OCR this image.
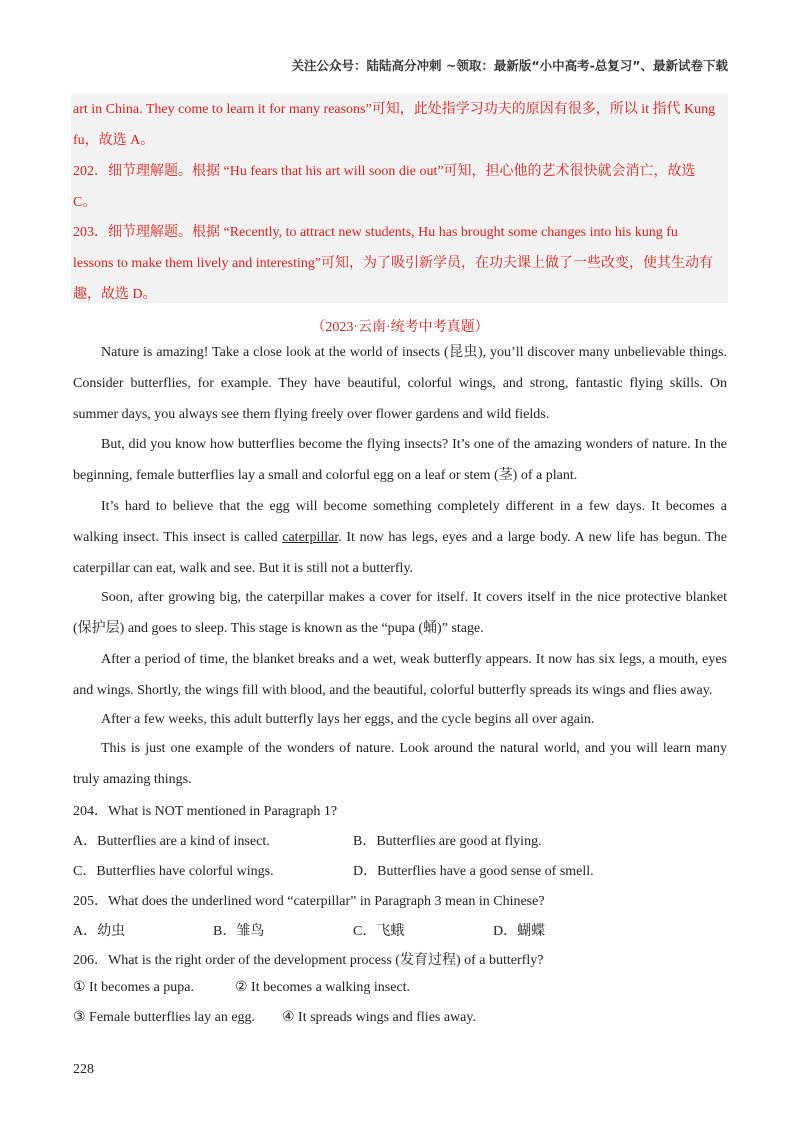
关注公众号：陆陆高分冲刺 ~领取：最新版“小中高考-总复习”、最新试卷下载
art in China. They come to learn it for many reasons”可知，此处指学习功夫的原因有很多，所以 it 指代 Kung
fu，故选 A。
202．细节理解题。根据 “Hu fears that his art will soon die out”可知，担心他的艺术很快就会消亡，故选
C。
203．细节理解题。根据 “Recently, to attract new students, Hu has brought some changes into his kung fu
lessons to make them lively and interesting”可知，为了吸引新学员，在功夫课上做了一些改变，使其生动有
趣，故选 D。
（2023·云南·统考中考真题）
Nature is amazing! Take a close look at the world of insects (昆虫), you’ll discover many unbelievable things. Consider butterflies, for example. They have beautiful, colorful wings, and strong, fantastic flying skills. On summer days, you always see them flying freely over flower gardens and wild fields.
But, did you know how butterflies become the flying insects? It’s one of the amazing wonders of nature. In the beginning, female butterflies lay a small and colorful egg on a leaf or stem (茎) of a plant.
It’s hard to believe that the egg will become something completely different in a few days. It becomes a walking insect. This insect is called caterpillar. It now has legs, eyes and a large body. A new life has begun. The caterpillar can eat, walk and see. But it is still not a butterfly.
Soon, after growing big, the caterpillar makes a cover for itself. It covers itself in the nice protective blanket (保护层) and goes to sleep. This stage is known as the “pupa (蛹)” stage.
After a period of time, the blanket breaks and a wet, weak butterfly appears. It now has six legs, a mouth, eyes and wings. Shortly, the wings fill with blood, and the beautiful, colorful butterfly spreads its wings and flies away.
After a few weeks, this adult butterfly lays her eggs, and the cycle begins all over again.
This is just one example of the wonders of nature. Look around the natural world, and you will learn many truly amazing things.
204．What is NOT mentioned in Paragraph 1?
A．Butterflies are a kind of insect.	B．Butterflies are good at flying.
C．Butterflies have colorful wings.	D．Butterflies have a good sense of smell.
205．What does the underlined word “caterpillar” in Paragraph 3 mean in Chinese?
A．幼虫	B．雏鸟	C．飞蛾	D．蝴蝶
206．What is the right order of the development process (发育过程) of a butterfly?
① It becomes a pupa.	② It becomes a walking insect.
③ Female butterflies lay an egg. ④ It spreads wings and flies away.
228
